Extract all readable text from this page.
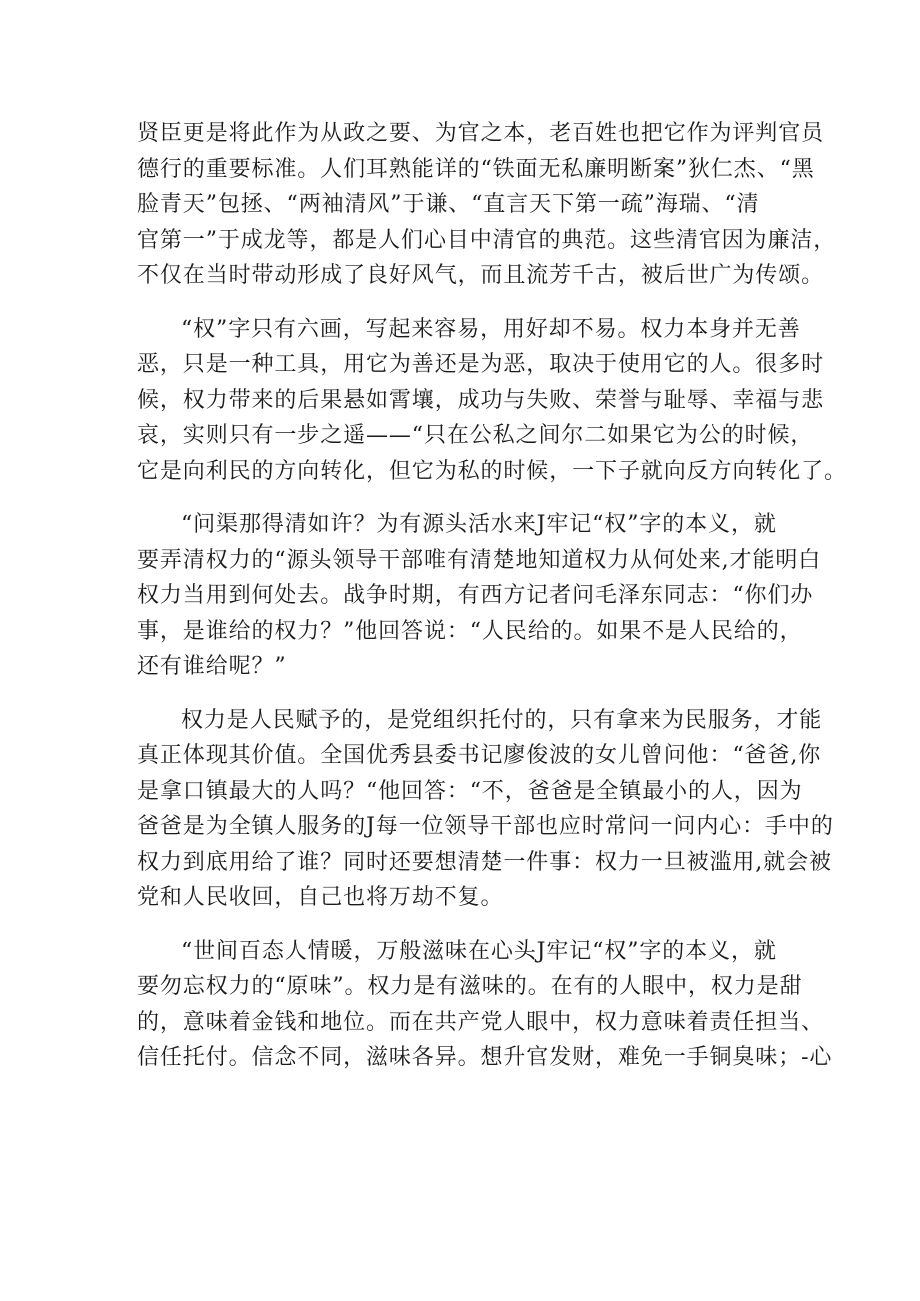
贤臣更是将此作为从政之要、为官之本，老百姓也把它作为评判官员
德行的重要标准。人们耳熟能详的“铁面无私廉明断案”狄仁杰、“黑
脸青天”包拯、“两袖清风”于谦、“直言天下第一疏”海瑞、“清
官第一”于成龙等，都是人们心目中清官的典范。这些清官因为廉洁，
不仅在当时带动形成了良好风气，而且流芳千古，被后世广为传颂。
“权”字只有六画，写起来容易，用好却不易。权力本身并无善
恶，只是一种工具，用它为善还是为恶，取决于使用它的人。很多时
候，权力带来的后果悬如霄壤，成功与失败、荣誉与耻辱、幸福与悲
哀，实则只有一步之遥——“只在公私之间尔二如果它为公的时候，
它是向利民的方向转化，但它为私的时候，一下子就向反方向转化了。
“问渠那得清如许？为有源头活水来J牢记“权”字的本义，就
要弄清权力的“源头领导干部唯有清楚地知道权力从何处来,才能明白
权力当用到何处去。战争时期，有西方记者问毛泽东同志：“你们办
事，是谁给的权力？”他回答说：“人民给的。如果不是人民给的，
还有谁给呢？”
权力是人民赋予的，是党组织托付的，只有拿来为民服务，才能
真正体现其价值。全国优秀县委书记廖俊波的女儿曾问他：“爸爸,你
是拿口镇最大的人吗？“他回答：“不，爸爸是全镇最小的人，因为
爸爸是为全镇人服务的J每一位领导干部也应时常问一问内心：手中的
权力到底用给了谁？同时还要想清楚一件事：权力一旦被滥用,就会被
党和人民收回，自己也将万劫不复。
“世间百态人情暖，万般滋味在心头J牢记“权”字的本义，就
要勿忘权力的“原味”。权力是有滋味的。在有的人眼中，权力是甜
的，意味着金钱和地位。而在共产党人眼中，权力意味着责任担当、
信任托付。信念不同，滋味各异。想升官发财，难免一手铜臭味；-心
